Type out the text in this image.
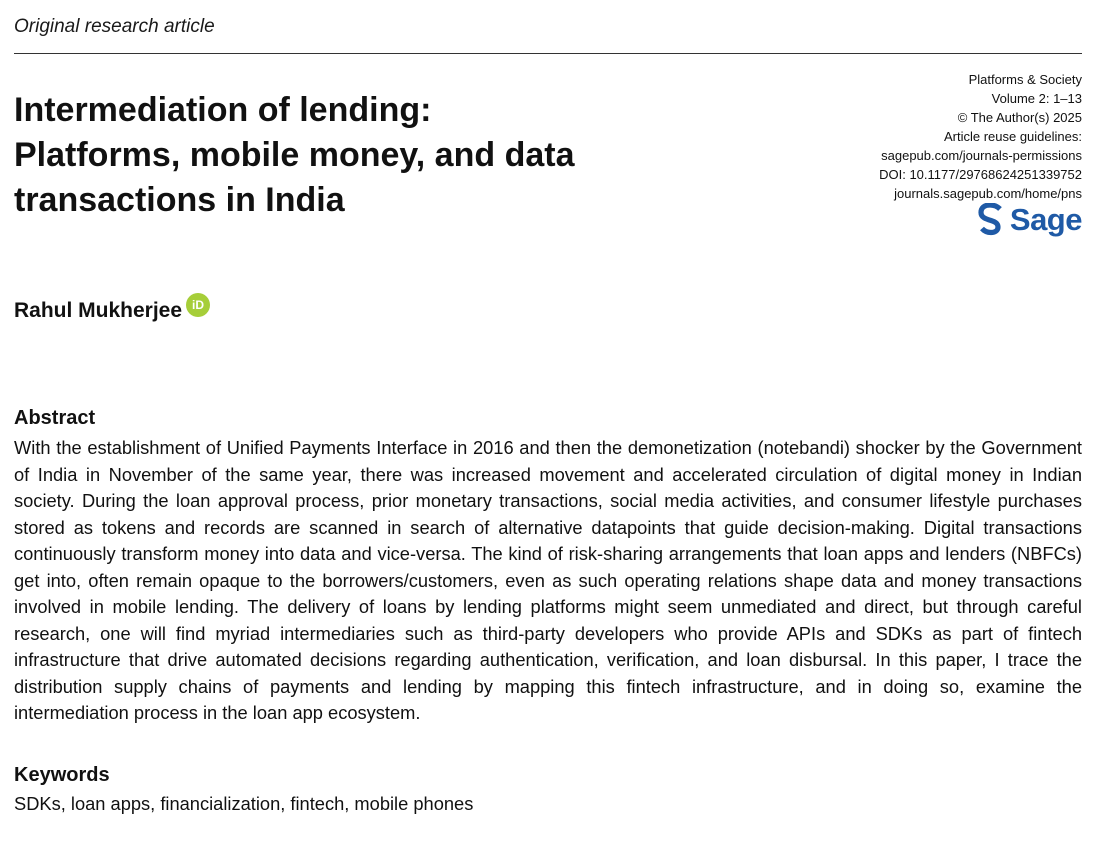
Original research article
Intermediation of lending:
Platforms, mobile money, and data
transactions in India
Platforms & Society
Volume 2: 1–13
© The Author(s) 2025
Article reuse guidelines:
sagepub.com/journals-permissions
DOI: 10.1177/29768624251339752
journals.sagepub.com/home/pns
Sage
Rahul Mukherjee iD
Abstract

With the establishment of Unified Payments Interface in 2016 and then the demonetization (notebandi) shocker by the Government of India in November of the same year, there was increased movement and accelerated circulation of digital money in Indian society. During the loan approval process, prior monetary transactions, social media activities, and consumer lifestyle purchases stored as tokens and records are scanned in search of alternative datapoints that guide decision-making. Digital transactions continuously transform money into data and vice-versa. The kind of risk-sharing arrangements that loan apps and lenders (NBFCs) get into, often remain opaque to the borrowers/customers, even as such operating relations shape data and money transactions involved in mobile lending. The delivery of loans by lending platforms might seem unmediated and direct, but through careful research, one will find myriad intermediaries such as third-party developers who provide APIs and SDKs as part of fintech infrastructure that drive automated decisions regarding authentication, verification, and loan disbursal. In this paper, I trace the distribution supply chains of payments and lending by mapping this fintech infrastructure, and in doing so, examine the intermediation process in the loan app ecosystem.

Keywords

SDKs, loan apps, financialization, fintech, mobile phones
